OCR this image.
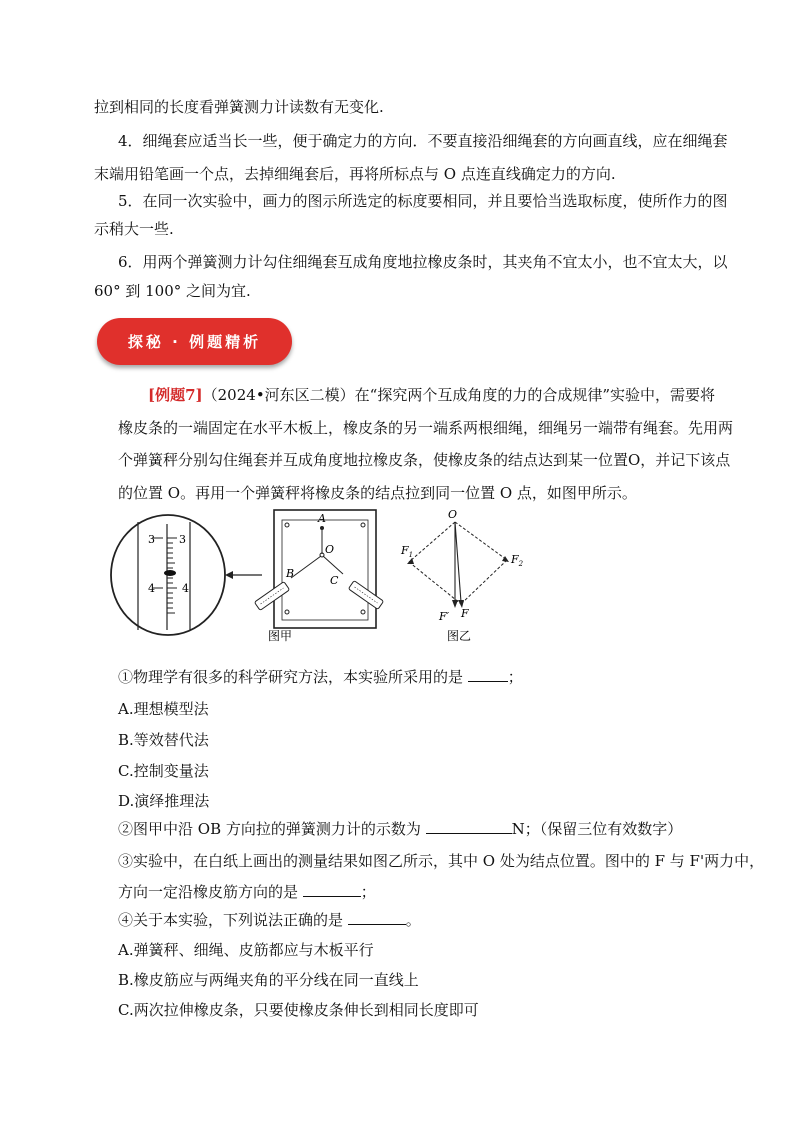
拉到相同的长度看弹簧测力计读数有无变化.
4．细绳套应适当长一些，便于确定力的方向．不要直接沿细绳套的方向画直线，应在细绳套
末端用铅笔画一个点，去掉细绳套后，再将所标点与 O 点连直线确定力的方向.
5．在同一次实验中，画力的图示所选定的标度要相同，并且要恰当选取标度，使所作力的图
示稍大一些.
6．用两个弹簧测力计勾住细绳套互成角度地拉橡皮条时，其夹角不宜太小，也不宜太大，以
60° 到 100° 之间为宜.
探秘 · 例题精析
[例题7]（2024•河东区二模）在“探究两个互成角度的力的合成规律”实验中，需要将
橡皮条的一端固定在水平木板上，橡皮条的另一端系两根细绳，细绳另一端带有绳套。先用两
个弹簧秤分别勾住绳套并互成角度地拉橡皮条，使橡皮条的结点达到某一位置O，并记下该点
的位置 O。再用一个弹簧秤将橡皮条的结点拉到同一位置 O 点，如图甲所示。
3 3
4 4
A
O
B
C
图甲
O
$F_1$	$F_2$
F′ F
图乙
①物理学有很多的科学研究方法，本实验所采用的是	；
A.理想模型法
B.等效替代法
C.控制变量法
D.演绎推理法
②图甲中沿 OB 方向拉的弹簧测力计的示数为	N；（保留三位有效数字）
③实验中，在白纸上画出的测量结果如图乙所示，其中 O 处为结点位置。图中的 F 与 F'两力中，
方向一定沿橡皮筋方向的是	；
④关于本实验，下列说法正确的是	。
A.弹簧秤、细绳、皮筋都应与木板平行
B.橡皮筋应与两绳夹角的平分线在同一直线上
C.两次拉伸橡皮条，只要使橡皮条伸长到相同长度即可
